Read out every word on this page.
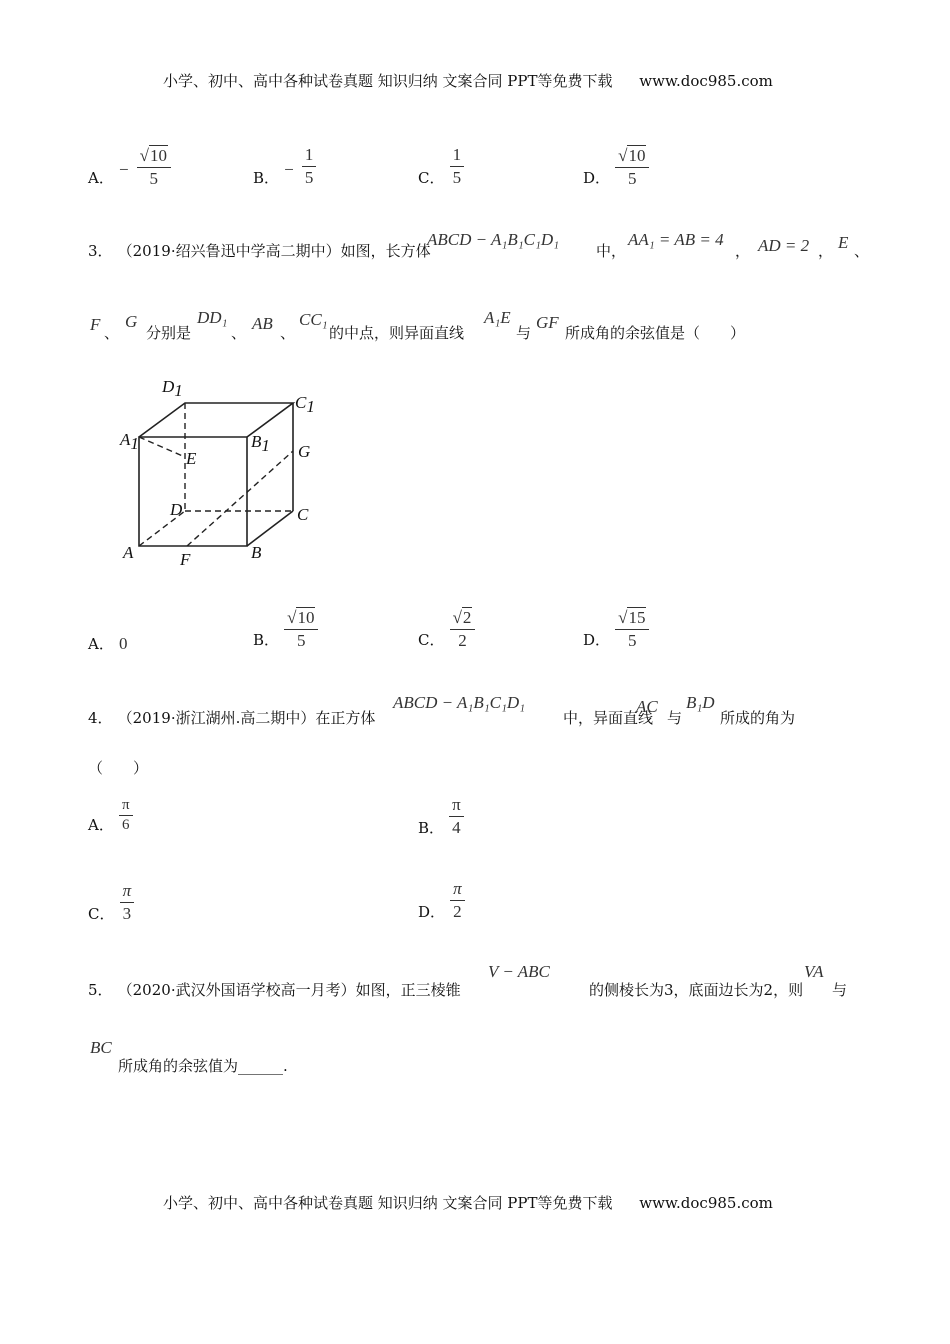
小学、初中、高中各种试卷真题 知识归纳 文案合同 PPT等免费下载 www.doc985.com
A． − $\frac{√ 10}{5}$	B． − $\frac{1}{5}$	C． $\frac{1}{5}$	D． $\frac{√ 10}{5}$
3． （2019·绍兴鲁迅中学高二期中）如图，长方体
ABCD − A₁B₁C₁D₁
中，
AA₁ = AB = 4
， AD = 2 ， E 、
F 、
G
分别是
DD₁
、 AB 、
CC₁
的中点，则异面直线
A₁E
与
GF
所成角的余弦值是（　　）
D1
C1
A1	B1
E	G
D	C
A	B
F
A． 0	B． $\frac{√ 10}{5}$	C． $\frac{√ 2}{2}$	D． $\frac{√ 15}{5}$
4． （2019·浙江湖州.高二期中）在正方体
ABCD − A₁B₁C₁D₁
中，异面直线
AC
与
B₁D
所成的角为
（　　）
A． $\frac{\pi}{6}$	B． $\frac{\pi}{4}$
C． $\frac{\pi}{3}$	D． $\frac{\pi}{2}$
5． （2020·武汉外国语学校高一月考）如图，正三棱锥
V − ABC
的侧棱长为3，底面边长为2，则
VA
与
BC
所成角的余弦值为______.
小学、初中、高中各种试卷真题 知识归纳 文案合同 PPT等免费下载 www.doc985.com
